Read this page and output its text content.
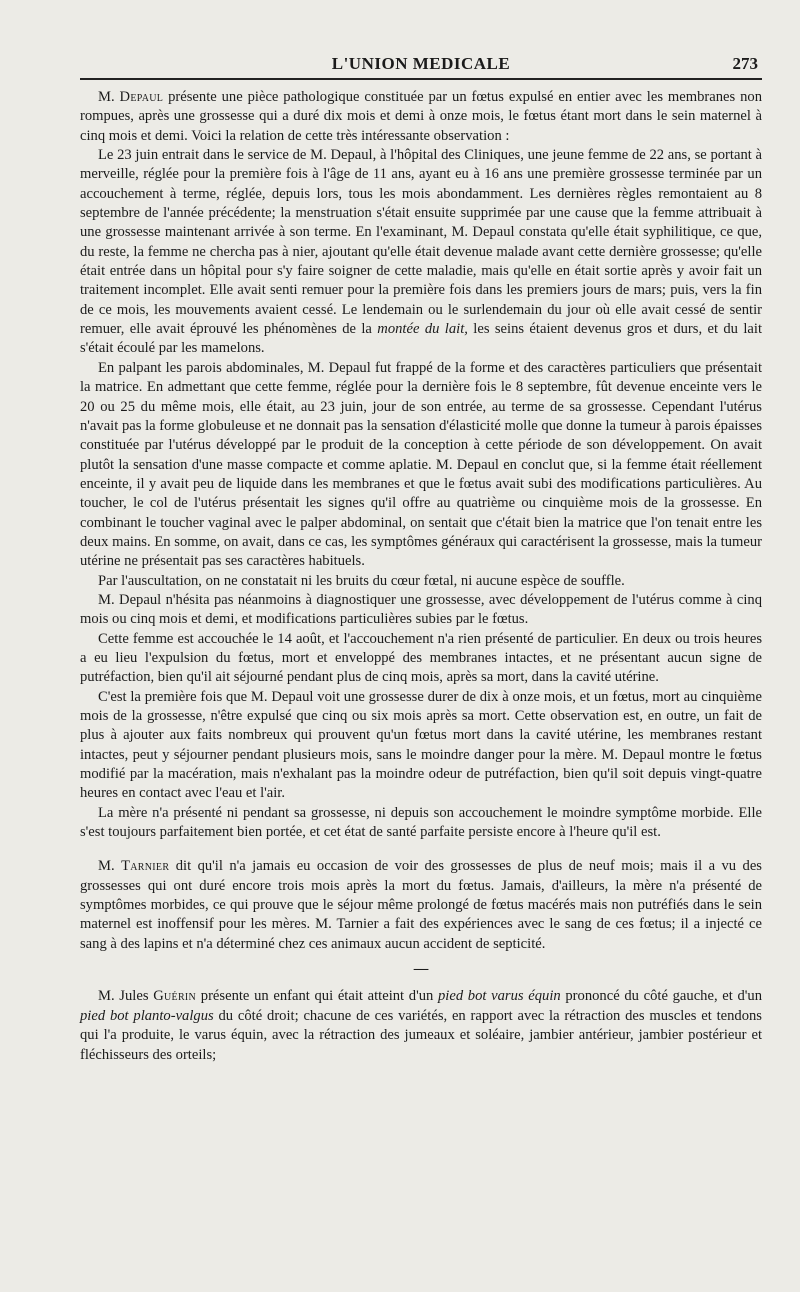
L'UNION MEDICALE	273

M. Depaul présente une pièce pathologique constituée par un fœtus expulsé en entier avec les membranes non rompues, après une grossesse qui a duré dix mois et demi à onze mois, le fœtus étant mort dans le sein maternel à cinq mois et demi. Voici la relation de cette très intéressante observation :

Le 23 juin entrait dans le service de M. Depaul, à l'hôpital des Cliniques, une jeune femme de 22 ans, se portant à merveille, réglée pour la première fois à l'âge de 11 ans, ayant eu à 16 ans une première grossesse terminée par un accouchement à terme, réglée, depuis lors, tous les mois abondamment. Les dernières règles remontaient au 8 septembre de l'année précédente; la menstruation s'était ensuite supprimée par une cause que la femme attribuait à une grossesse maintenant arrivée à son terme. En l'examinant, M. Depaul constata qu'elle était syphilitique, ce que, du reste, la femme ne chercha pas à nier, ajoutant qu'elle était devenue malade avant cette dernière grossesse; qu'elle était entrée dans un hôpital pour s'y faire soigner de cette maladie, mais qu'elle en était sortie après y avoir fait un traitement incomplet. Elle avait senti remuer pour la première fois dans les premiers jours de mars; puis, vers la fin de ce mois, les mouvements avaient cessé. Le lendemain ou le surlendemain du jour où elle avait cessé de sentir remuer, elle avait éprouvé les phénomènes de la montée du lait, les seins étaient devenus gros et durs, et du lait s'était écoulé par les mamelons.

En palpant les parois abdominales, M. Depaul fut frappé de la forme et des caractères particuliers que présentait la matrice. En admettant que cette femme, réglée pour la dernière fois le 8 septembre, fût devenue enceinte vers le 20 ou 25 du même mois, elle était, au 23 juin, jour de son entrée, au terme de sa grossesse. Cependant l'utérus n'avait pas la forme globuleuse et ne donnait pas la sensation d'élasticité molle que donne la tumeur à parois épaisses constituée par l'utérus développé par le produit de la conception à cette période de son développement. On avait plutôt la sensation d'une masse compacte et comme aplatie. M. Depaul en conclut que, si la femme était réellement enceinte, il y avait peu de liquide dans les membranes et que le fœtus avait subi des modifications particulières. Au toucher, le col de l'utérus présentait les signes qu'il offre au quatrième ou cinquième mois de la grossesse. En combinant le toucher vaginal avec le palper abdominal, on sentait que c'était bien la matrice que l'on tenait entre les deux mains. En somme, on avait, dans ce cas, les symptômes généraux qui caractérisent la grossesse, mais la tumeur utérine ne présentait pas ses caractères habituels.

Par l'auscultation, on ne constatait ni les bruits du cœur fœtal, ni aucune espèce de souffle.

M. Depaul n'hésita pas néanmoins à diagnostiquer une grossesse, avec développement de l'utérus comme à cinq mois ou cinq mois et demi, et modifications particulières subies par le fœtus.

Cette femme est accouchée le 14 août, et l'accouchement n'a rien présenté de particulier. En deux ou trois heures a eu lieu l'expulsion du fœtus, mort et enveloppé des membranes intactes, et ne présentant aucun signe de putréfaction, bien qu'il ait séjourné pendant plus de cinq mois, après sa mort, dans la cavité utérine.

C'est la première fois que M. Depaul voit une grossesse durer de dix à onze mois, et un fœtus, mort au cinquième mois de la grossesse, n'être expulsé que cinq ou six mois après sa mort. Cette observation est, en outre, un fait de plus à ajouter aux faits nombreux qui prouvent qu'un fœtus mort dans la cavité utérine, les membranes restant intactes, peut y séjourner pendant plusieurs mois, sans le moindre danger pour la mère. M. Depaul montre le fœtus modifié par la macération, mais n'exhalant pas la moindre odeur de putréfaction, bien qu'il soit depuis vingt-quatre heures en contact avec l'eau et l'air.

La mère n'a présenté ni pendant sa grossesse, ni depuis son accouchement le moindre symptôme morbide. Elle s'est toujours parfaitement bien portée, et cet état de santé parfaite persiste encore à l'heure qu'il est.

M. Tarnier dit qu'il n'a jamais eu occasion de voir des grossesses de plus de neuf mois; mais il a vu des grossesses qui ont duré encore trois mois après la mort du fœtus. Jamais, d'ailleurs, la mère n'a présenté de symptômes morbides, ce qui prouve que le séjour même prolongé de fœtus macérés mais non putréfiés dans le sein maternel est inoffensif pour les mères. M. Tarnier a fait des expériences avec le sang de ces fœtus; il a injecté ce sang à des lapins et n'a déterminé chez ces animaux aucun accident de septicité.

—

M. Jules Guérin présente un enfant qui était atteint d'un pied bot varus équin prononcé du côté gauche, et d'un pied bot planto-valgus du côté droit; chacune de ces variétés, en rapport avec la rétraction des muscles et tendons qui l'a produite, le varus équin, avec la rétraction des jumeaux et soléaire, jambier antérieur, jambier postérieur et fléchisseurs des orteils;
